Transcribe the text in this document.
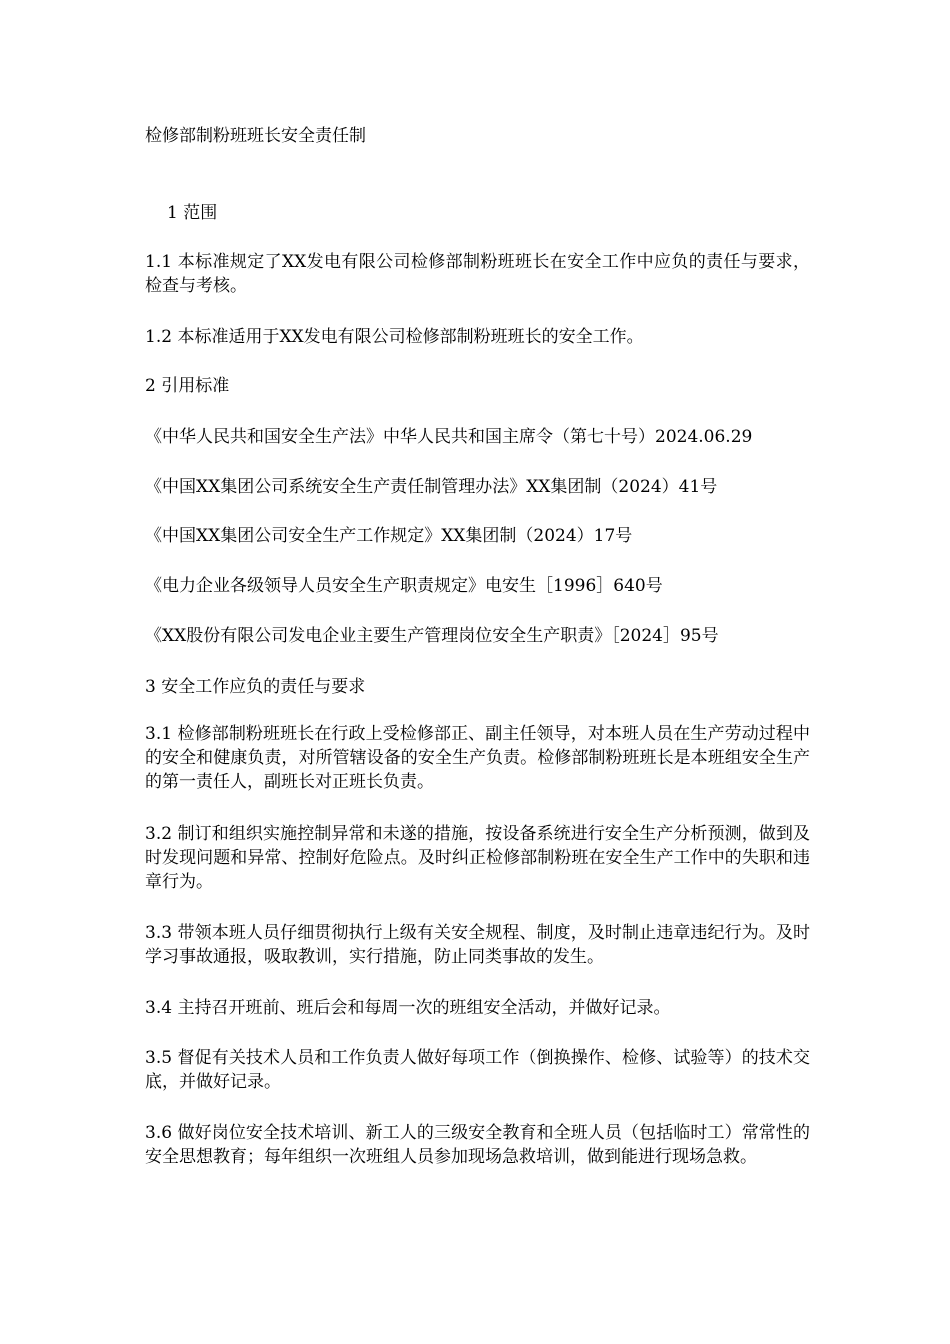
检修部制粉班班长安全责任制
1 范围
1.1 本标准规定了XX发电有限公司检修部制粉班班长在安全工作中应负的责任与要求，检查与考核。
1.2 本标准适用于XX发电有限公司检修部制粉班班长的安全工作。
2 引用标准
《中华人民共和国安全生产法》中华人民共和国主席令（第七十号）2024.06.29
《中国XX集团公司系统安全生产责任制管理办法》XX集团制（2024）41号
《中国XX集团公司安全生产工作规定》XX集团制（2024）17号
《电力企业各级领导人员安全生产职责规定》电安生［1996］640号
《XX股份有限公司发电企业主要生产管理岗位安全生产职责》［2024］95号
3 安全工作应负的责任与要求
3.1 检修部制粉班班长在行政上受检修部正、副主任领导，对本班人员在生产劳动过程中的安全和健康负责，对所管辖设备的安全生产负责。检修部制粉班班长是本班组安全生产的第一责任人，副班长对正班长负责。
3.2 制订和组织实施控制异常和未遂的措施，按设备系统进行安全生产分析预测，做到及时发现问题和异常、控制好危险点。及时纠正检修部制粉班在安全生产工作中的失职和违章行为。
3.3 带领本班人员仔细贯彻执行上级有关安全规程、制度，及时制止违章违纪行为。及时学习事故通报，吸取教训，实行措施，防止同类事故的发生。
3.4 主持召开班前、班后会和每周一次的班组安全活动，并做好记录。
3.5 督促有关技术人员和工作负责人做好每项工作（倒换操作、检修、试验等）的技术交底，并做好记录。
3.6 做好岗位安全技术培训、新工人的三级安全教育和全班人员（包括临时工）常常性的安全思想教育；每年组织一次班组人员参加现场急救培训，做到能进行现场急救。
